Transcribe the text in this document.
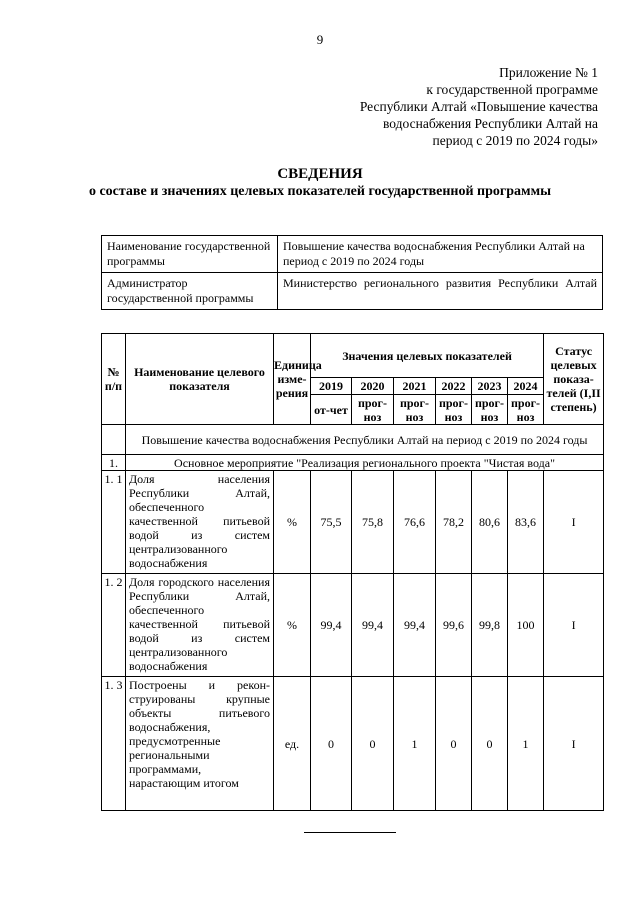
9
Приложение № 1
к государственной программе
Республики Алтай «Повышение качества
водоснабжения Республики Алтай на
период с 2019 по 2024 годы»
СВЕДЕНИЯ
о составе и значениях целевых показателей государственной программы
Наименование государственной программы	Повышение качества водоснабжения Республики Алтай на период с 2019 по 2024 годы
Администратор государственной программы	Министерство регионального развития Республики Алтай
№ п/п	Наименование целевого показателя	Единица изме-рения	Значения целевых показателей						Статус целевых показа-телей (I,II степень)
			2019	2020	2021	2022	2023	2024	
			от-чет	прог-ноз	прог-ноз	прог-ноз	прог-ноз	прог-ноз	
	Повышение качества водоснабжения Республики Алтай на период с 2019 по 2024 годы								
1.	Основное мероприятие "Реализация регионального проекта "Чистая вода"								
1. 1	Доля населения Республики Алтай, обеспеченного качественной питьевой водой из систем централизованного водоснабжения	%	75,5	75,8	76,6	78,2	80,6	83,6	I
1. 2	Доля городского населения Республики Алтай, обеспеченного качественной питьевой водой из систем централизованного водоснабжения	%	99,4	99,4	99,4	99,6	99,8	100	I
1. 3	Построены и рекон-струированы крупные объекты питьевого водоснабжения, предусмотренные региональными программами, нарастающим итогом	ед.	0	0	1	0	0	1	I
